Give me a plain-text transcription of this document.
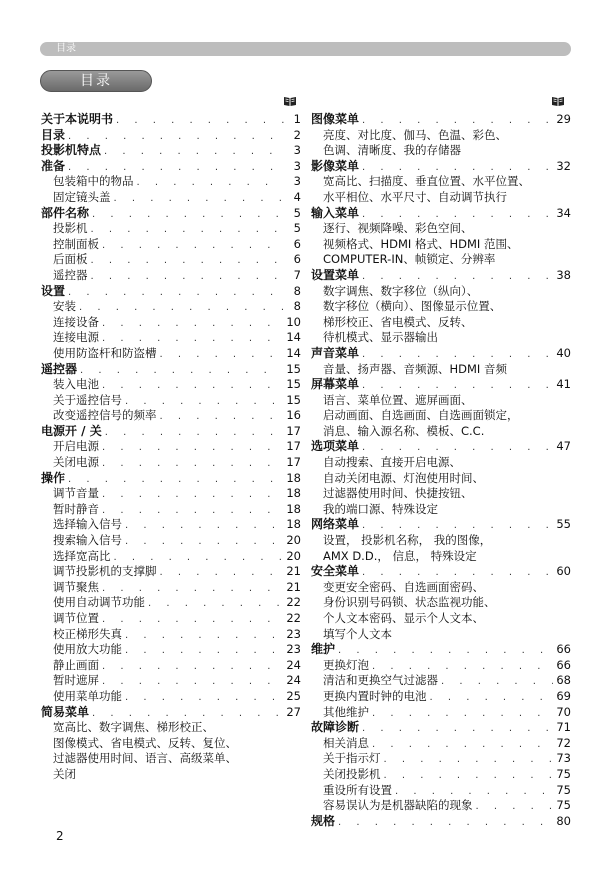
目录
目录
关于本说明书 . . .	1
目录 . . .	2
投影机特点 . . .	3
准备 . . .	3
包装箱中的物品 . . .	3
固定镜头盖 . . .	4
部件名称 . . .	5
投影机 . . .	5
控制面板 . . .	6
后面板 . . .	6
遥控器 . . .	7
设置 . . .	8
安装 . . .	8
连接设备 . . .	10
连接电源 . . .	14
使用防盗杆和防盗槽 . . .	14
遥控器 . . .	15
装入电池 . . .	15
关于遥控信号 . . .	15
改变遥控信号的频率 . . .	16
电源开 / 关 . . .	17
开启电源 . . .	17
关闭电源 . . .	17
操作 . . .	18
调节音量 . . .	18
暂时静音 . . .	18
选择输入信号 . . .	18
搜索输入信号 . . .	20
选择宽高比 . . .	20
调节投影机的支撑脚 . . .	21
调节聚焦 . . .	21
使用自动调节功能 . . .	22
调节位置 . . .	22
校正梯形失真 . . .	23
使用放大功能 . . .	23
静止画面 . . .	24
暂时遮屏 . . .	24
使用菜单功能 . . .	25
简易菜单 . . .	27
宽高比、数字调焦、梯形校正、
图像模式、省电模式、反转、复位、
过滤器使用时间、语言、高级菜单、
关闭
图像菜单 . . .	29
亮度、对比度、伽马、色温、彩色、
色调、清晰度、我的存储器
影像菜单 . . .	32
宽高比、扫描度、垂直位置、水平位置、
水平相位、水平尺寸、自动调节执行
输入菜单 . . .	34
逐行、视频降噪、彩色空间、
视频格式、HDMI 格式、HDMI 范围、
COMPUTER-IN、帧锁定、分辨率
设置菜单 . . .	38
数字调焦、数字移位（纵向）、
数字移位（横向）、图像显示位置、
梯形校正、省电模式、反转、
待机模式、显示器输出
声音菜单 . . .	40
音量、扬声器、音频源、HDMI 音频
屏幕菜单 . . .	41
语言、菜单位置、遮屏画面、
启动画面、自选画面、自选画面锁定，
消息、输入源名称、模板、C.C.
选项菜单 . . .	47
自动搜索、直接开启电源、
自动关闭电源、灯泡使用时间、
过滤器使用时间、快捷按钮、
我的端口源、特殊设定
网络菜单 . . .	55
设置， 投影机名称， 我的图像，
AMX D.D.， 信息， 特殊设定
安全菜单 . . .	60
变更安全密码、自选画面密码、
身份识别号码锁、状态监视功能、
个人文本密码、显示个人文本、
填写个人文本
维护 . . .	66
更换灯泡 . . .	66
清洁和更换空气过滤器 . . .	68
更换内置时钟的电池 . . .	69
其他维护 . . .	70
故障诊断 . . .	71
相关消息 . . .	72
关于指示灯 . . .	73
关闭投影机 . . .	75
重设所有设置 . . .	75
容易误认为是机器缺陷的现象 . . .	75
规格 . . .	80
2
